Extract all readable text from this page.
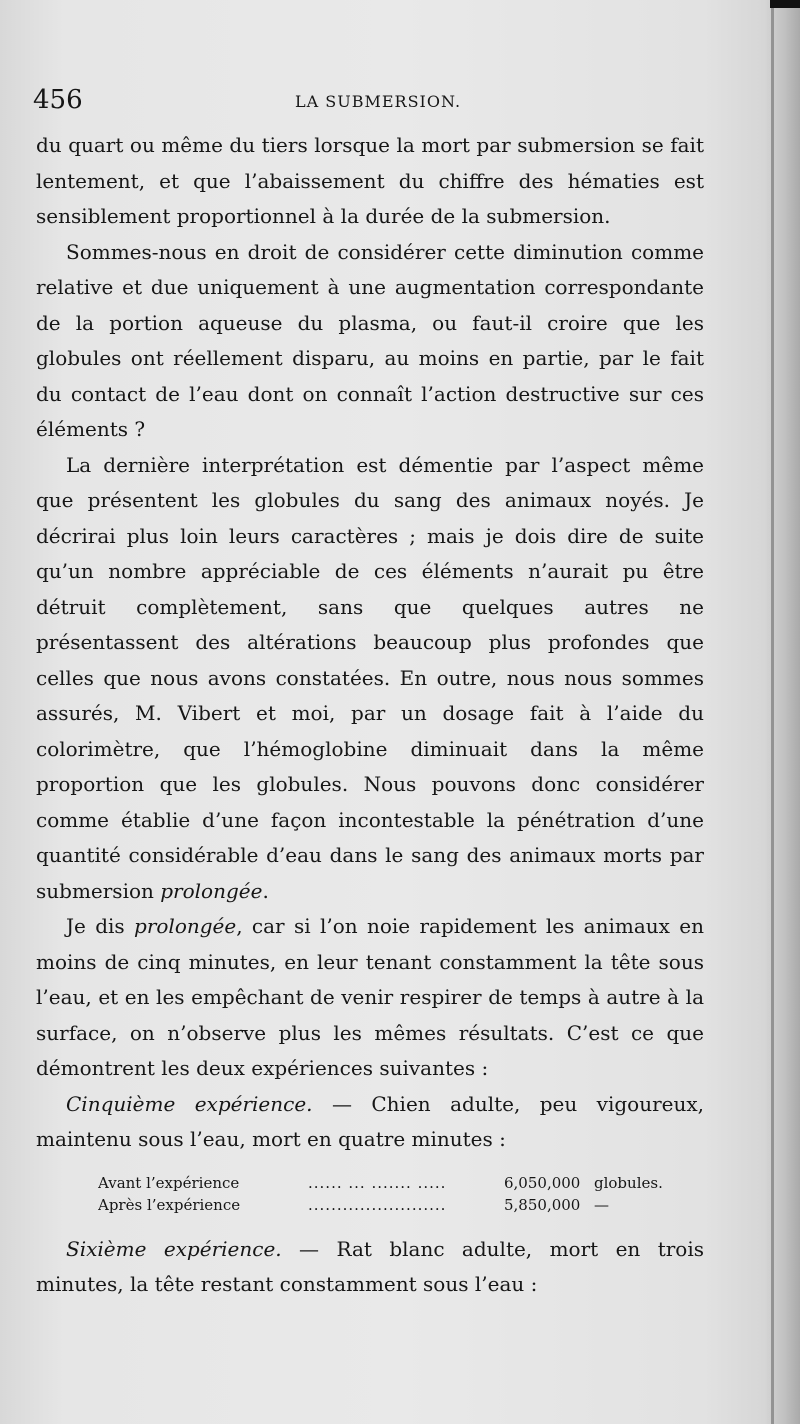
456	LA SUBMERSION.

du quart ou même du tiers lorsque la mort par submersion se fait lentement, et que l’abaissement du chiffre des hématies est sensiblement proportionnel à la durée de la submersion.

Sommes-nous en droit de considérer cette diminution comme relative et due uniquement à une augmentation correspondante de la portion aqueuse du plasma, ou faut-il croire que les globules ont réellement disparu, au moins en partie, par le fait du contact de l’eau dont on connaît l’action destructive sur ces éléments ?

La dernière interprétation est démentie par l’aspect même que présentent les globules du sang des animaux noyés. Je décrirai plus loin leurs caractères ; mais je dois dire de suite qu’un nombre appréciable de ces éléments n’aurait pu être détruit complètement, sans que quelques autres ne présentassent des altérations beaucoup plus profondes que celles que nous avons constatées. En outre, nous nous sommes assurés, M. Vibert et moi, par un dosage fait à l’aide du colorimètre, que l’hémoglobine diminuait dans la même proportion que les globules. Nous pouvons donc considérer comme établie d’une façon incontestable la pénétration d’une quantité considérable d’eau dans le sang des animaux morts par submersion prolongée.

Je dis prolongée, car si l’on noie rapidement les animaux en moins de cinq minutes, en leur tenant constamment la tête sous l’eau, et en les empêchant de venir respirer de temps à autre à la surface, on n’observe plus les mêmes résultats. C’est ce que démontrent les deux expériences suivantes :

Cinquième expérience. — Chien adulte, peu vigoureux, maintenu sous l’eau, mort en quatre minutes :

Avant l’expérience	...... ... ....... .....	6,050,000 globules.
Après l’expérience	........................	5,850,000 —

Sixième expérience. — Rat blanc adulte, mort en trois minutes, la tête restant constamment sous l’eau :
